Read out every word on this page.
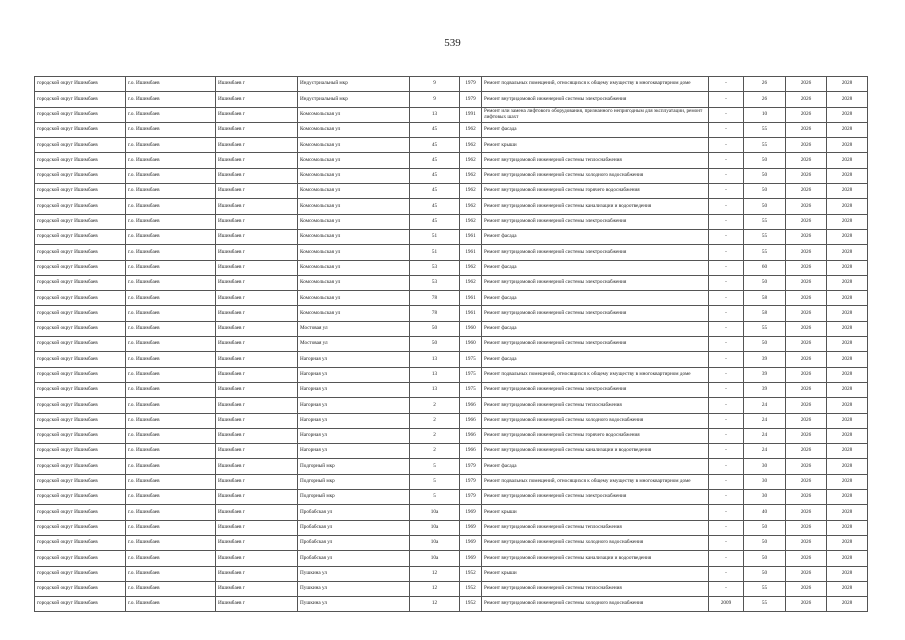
539
городской округ Ишимбаев	г.о. Ишимбаев	Ишимбаев г	Индустриальный мкр	9	1979	Ремонт подвальных помещений, относящихся к общему имуществу в многоквартирном доме	-	26	2026	2028
городской округ Ишимбаев	г.о. Ишимбаев	Ишимбаев г	Индустриальный мкр	9	1979	Ремонт внутридомовой инженерной системы электроснабжения	-	26	2026	2028
городской округ Ишимбаев	г.о. Ишимбаев	Ишимбаев г	Комсомольская ул	13	1991	Ремонт или замена лифтового оборудования, признанного непригодным для эксплуатации, ремонт лифтовых шахт	-	10	2026	2028
городской округ Ишимбаев	г.о. Ишимбаев	Ишимбаев г	Комсомольская ул	45	1962	Ремонт фасада	-	55	2026	2028
городской округ Ишимбаев	г.о. Ишимбаев	Ишимбаев г	Комсомольская ул	45	1962	Ремонт крыши	-	55	2026	2028
городской округ Ишимбаев	г.о. Ишимбаев	Ишимбаев г	Комсомольская ул	45	1962	Ремонт внутридомовой инженерной системы теплоснабжения	-	50	2026	2028
городской округ Ишимбаев	г.о. Ишимбаев	Ишимбаев г	Комсомольская ул	45	1962	Ремонт внутридомовой инженерной системы холодного водоснабжения	-	50	2026	2028
городской округ Ишимбаев	г.о. Ишимбаев	Ишимбаев г	Комсомольская ул	45	1962	Ремонт внутридомовой инженерной системы горячего водоснабжения	-	50	2026	2028
городской округ Ишимбаев	г.о. Ишимбаев	Ишимбаев г	Комсомольская ул	45	1962	Ремонт внутридомовой инженерной системы канализации и водоотведения	-	50	2026	2028
городской округ Ишимбаев	г.о. Ишимбаев	Ишимбаев г	Комсомольская ул	45	1962	Ремонт внутридомовой инженерной системы электроснабжения	-	55	2026	2028
городской округ Ишимбаев	г.о. Ишимбаев	Ишимбаев г	Комсомольская ул	51	1961	Ремонт фасада	-	55	2026	2028
городской округ Ишимбаев	г.о. Ишимбаев	Ишимбаев г	Комсомольская ул	51	1961	Ремонт внутридомовой инженерной системы электроснабжения	-	55	2026	2028
городской округ Ишимбаев	г.о. Ишимбаев	Ишимбаев г	Комсомольская ул	53	1962	Ремонт фасада	-	60	2026	2028
городской округ Ишимбаев	г.о. Ишимбаев	Ишимбаев г	Комсомольская ул	53	1962	Ремонт внутридомовой инженерной системы электроснабжения	-	50	2026	2028
городской округ Ишимбаев	г.о. Ишимбаев	Ишимбаев г	Комсомольская ул	78	1961	Ремонт фасада	-	58	2026	2028
городской округ Ишимбаев	г.о. Ишимбаев	Ишимбаев г	Комсомольская ул	78	1961	Ремонт внутридомовой инженерной системы электроснабжения	-	58	2026	2028
городской округ Ишимбаев	г.о. Ишимбаев	Ишимбаев г	Мостовая ул	50	1960	Ремонт фасада	-	55	2026	2028
городской округ Ишимбаев	г.о. Ишимбаев	Ишимбаев г	Мостовая ул	50	1960	Ремонт внутридомовой инженерной системы электроснабжения	-	50	2026	2028
городской округ Ишимбаев	г.о. Ишимбаев	Ишимбаев г	Нагорная ул	13	1975	Ремонт фасада	-	39	2026	2028
городской округ Ишимбаев	г.о. Ишимбаев	Ишимбаев г	Нагорная ул	13	1975	Ремонт подвальных помещений, относящихся к общему имуществу в многоквартирном доме	-	39	2026	2028
городской округ Ишимбаев	г.о. Ишимбаев	Ишимбаев г	Нагорная ул	13	1975	Ремонт внутридомовой инженерной системы электроснабжения	-	39	2026	2028
городской округ Ишимбаев	г.о. Ишимбаев	Ишимбаев г	Нагорная ул	2	1966	Ремонт внутридомовой инженерной системы теплоснабжения	-	24	2026	2028
городской округ Ишимбаев	г.о. Ишимбаев	Ишимбаев г	Нагорная ул	2	1966	Ремонт внутридомовой инженерной системы холодного водоснабжения	-	24	2026	2028
городской округ Ишимбаев	г.о. Ишимбаев	Ишимбаев г	Нагорная ул	2	1966	Ремонт внутридомовой инженерной системы горячего водоснабжения	-	24	2026	2028
городской округ Ишимбаев	г.о. Ишимбаев	Ишимбаев г	Нагорная ул	2	1966	Ремонт внутридомовой инженерной системы канализации и водоотведения	-	24	2026	2028
городской округ Ишимбаев	г.о. Ишимбаев	Ишимбаев г	Подгорный мкр	5	1979	Ремонт фасада	-	30	2026	2028
городской округ Ишимбаев	г.о. Ишимбаев	Ишимбаев г	Подгорный мкр	5	1979	Ремонт подвальных помещений, относящихся к общему имуществу в многоквартирном доме	-	30	2026	2028
городской округ Ишимбаев	г.о. Ишимбаев	Ишимбаев г	Подгорный мкр	5	1979	Ремонт внутридомовой инженерной системы электроснабжения	-	30	2026	2028
городской округ Ишимбаев	г.о. Ишимбаев	Ишимбаев г	Пробабская ул	10а	1969	Ремонт крыши	-	40	2026	2028
городской округ Ишимбаев	г.о. Ишимбаев	Ишимбаев г	Пробабская ул	10а	1969	Ремонт внутридомовой инженерной системы теплоснабжения	-	50	2026	2028
городской округ Ишимбаев	г.о. Ишимбаев	Ишимбаев г	Пробабская ул	10а	1969	Ремонт внутридомовой инженерной системы холодного водоснабжения	-	50	2026	2028
городской округ Ишимбаев	г.о. Ишимбаев	Ишимбаев г	Пробабская ул	10а	1969	Ремонт внутридомовой инженерной системы канализации и водоотведения	-	50	2026	2028
городской округ Ишимбаев	г.о. Ишимбаев	Ишимбаев г	Пушкина ул	12	1952	Ремонт крыши	-	50	2026	2028
городской округ Ишимбаев	г.о. Ишимбаев	Ишимбаев г	Пушкина ул	12	1952	Ремонт внутридомовой инженерной системы теплоснабжения	-	55	2026	2028
городской округ Ишимбаев	г.о. Ишимбаев	Ишимбаев г	Пушкина ул	12	1952	Ремонт внутридомовой инженерной системы холодного водоснабжения	2009	55	2026	2028
